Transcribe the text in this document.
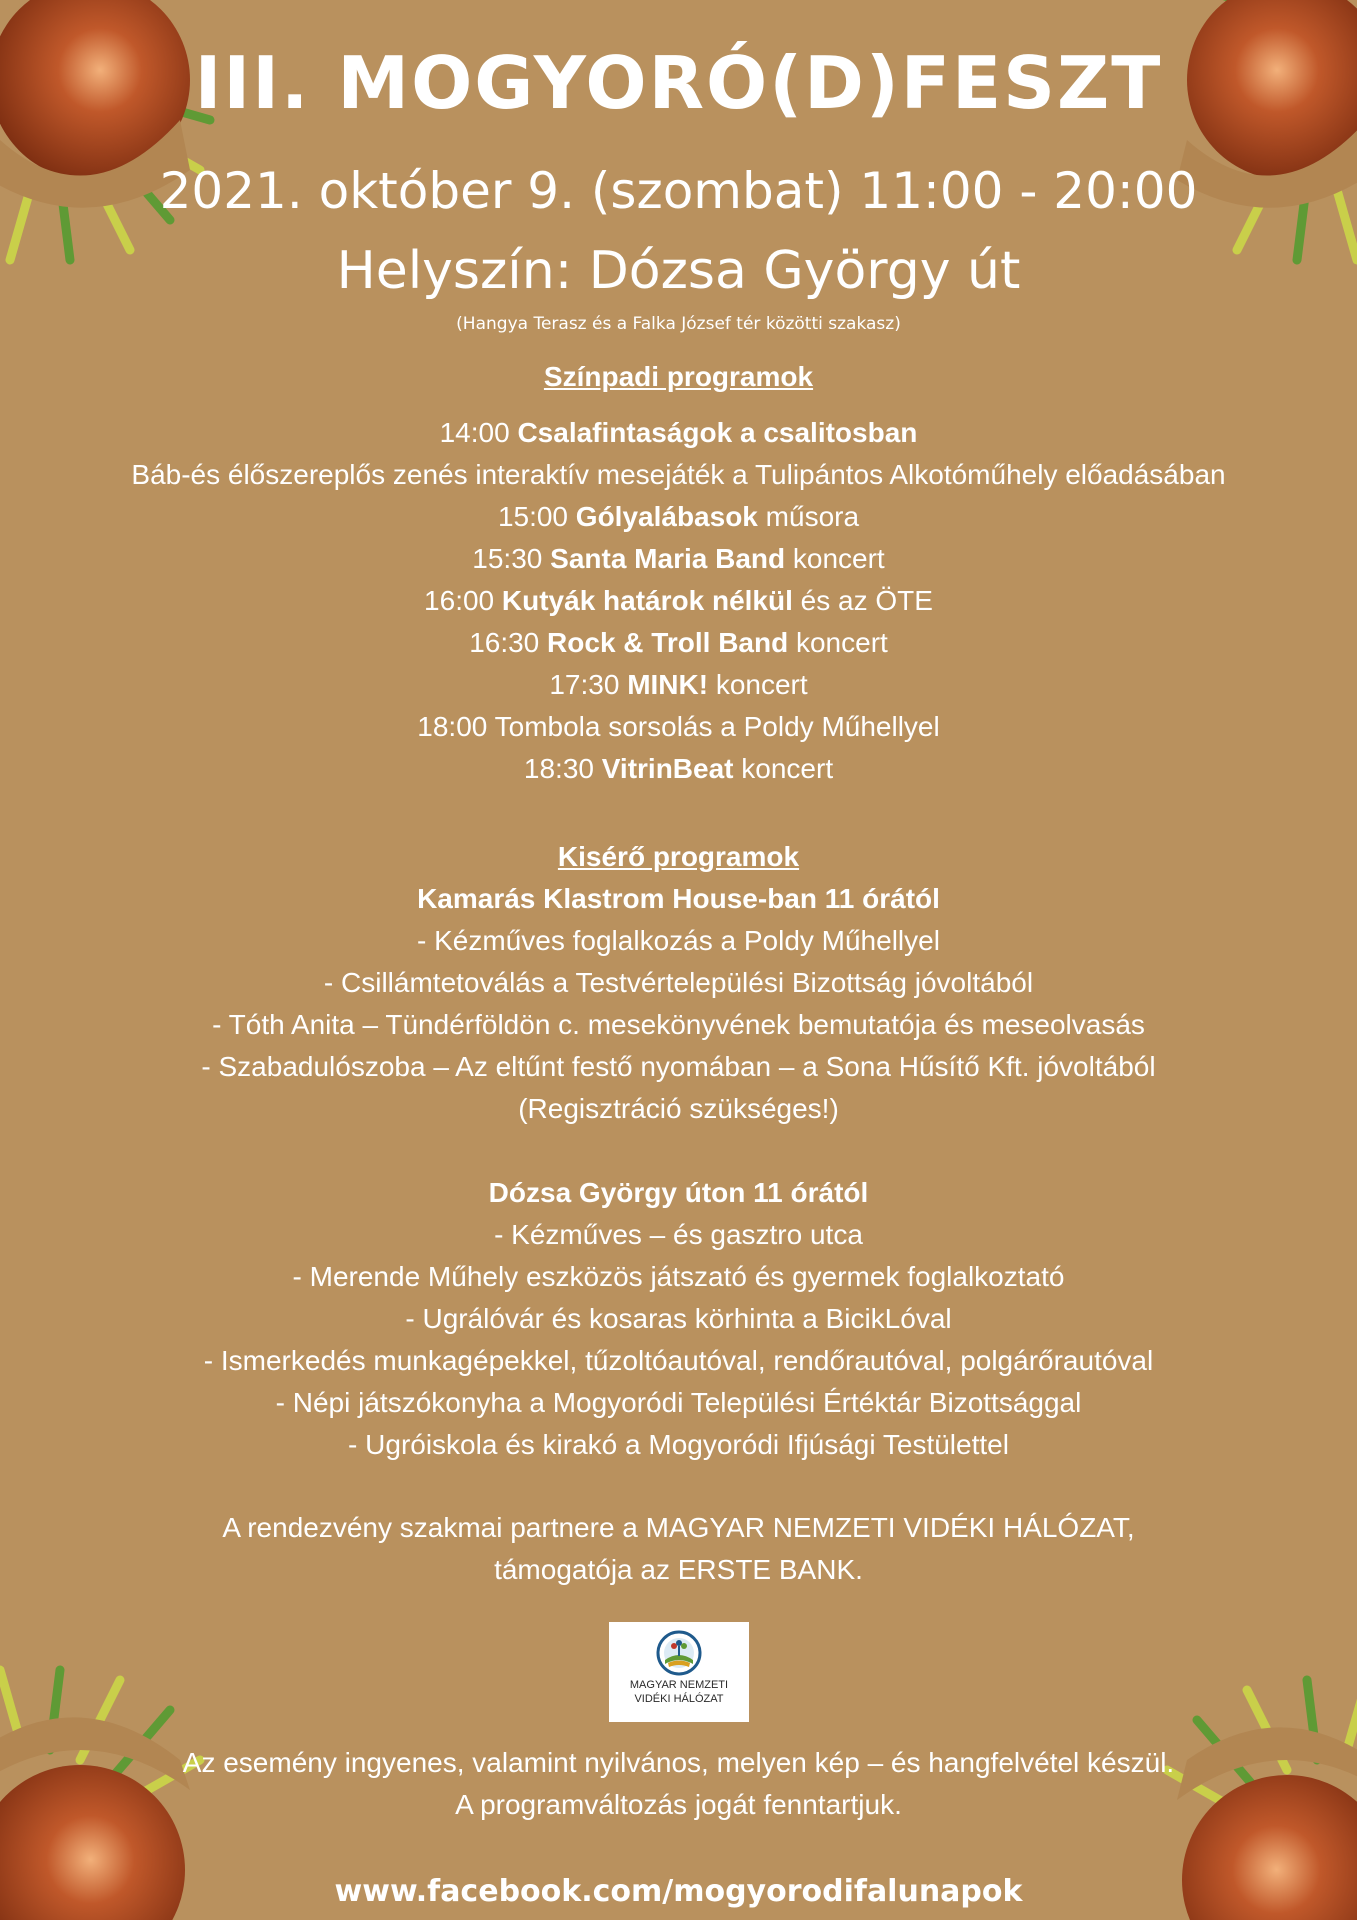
III. MOGYORÓ(D)FESZT
2021. október 9. (szombat) 11:00 - 20:00
Helyszín: Dózsa György út
(Hangya Terasz és a Falka József tér közötti szakasz)
Színpadi programok
14:00 Csalafintaságok a csalitosban
Báb-és élőszereplős zenés interaktív mesejáték a Tulipántos Alkotóműhely előadásában
15:00 Gólyalábasok műsora
15:30 Santa Maria Band koncert
16:00 Kutyák határok nélkül és az ÖTE
16:30 Rock & Troll Band koncert
17:30 MINK! koncert
18:00 Tombola sorsolás a Poldy Műhellyel
18:30 VitrinBeat koncert
Kisérő programok
Kamarás Klastrom House-ban 11 órától
- Kézműves foglalkozás a Poldy Műhellyel
- Csillámtetoválás a Testvértelepülési Bizottság jóvoltából
- Tóth Anita – Tündérföldön c. mesekönyvének bemutatója és meseolvasás
- Szabadulószoba – Az eltűnt festő nyomában – a Sona Hűsítő Kft. jóvoltából
(Regisztráció szükséges!)
Dózsa György úton 11 órától
- Kézműves – és gasztro utca
- Merende Műhely eszközös játszató és gyermek foglalkoztató
- Ugrálóvár és kosaras körhinta a BicikLóval
- Ismerkedés munkagépekkel, tűzoltóautóval, rendőrautóval, polgárőrautóval
- Népi játszókonyha a Mogyoródi Települési Értéktár Bizottsággal
- Ugróiskola és kirakó a Mogyoródi Ifjúsági Testülettel
A rendezvény szakmai partnere a MAGYAR NEMZETI VIDÉKI HÁLÓZAT,
támogatója az ERSTE BANK.
MAGYAR NEMZETI
VIDÉKI HÁLÓZAT
Az esemény ingyenes, valamint nyilvános, melyen kép – és hangfelvétel készül.
A programváltozás jogát fenntartjuk.
www.facebook.com/mogyorodifalunapok
